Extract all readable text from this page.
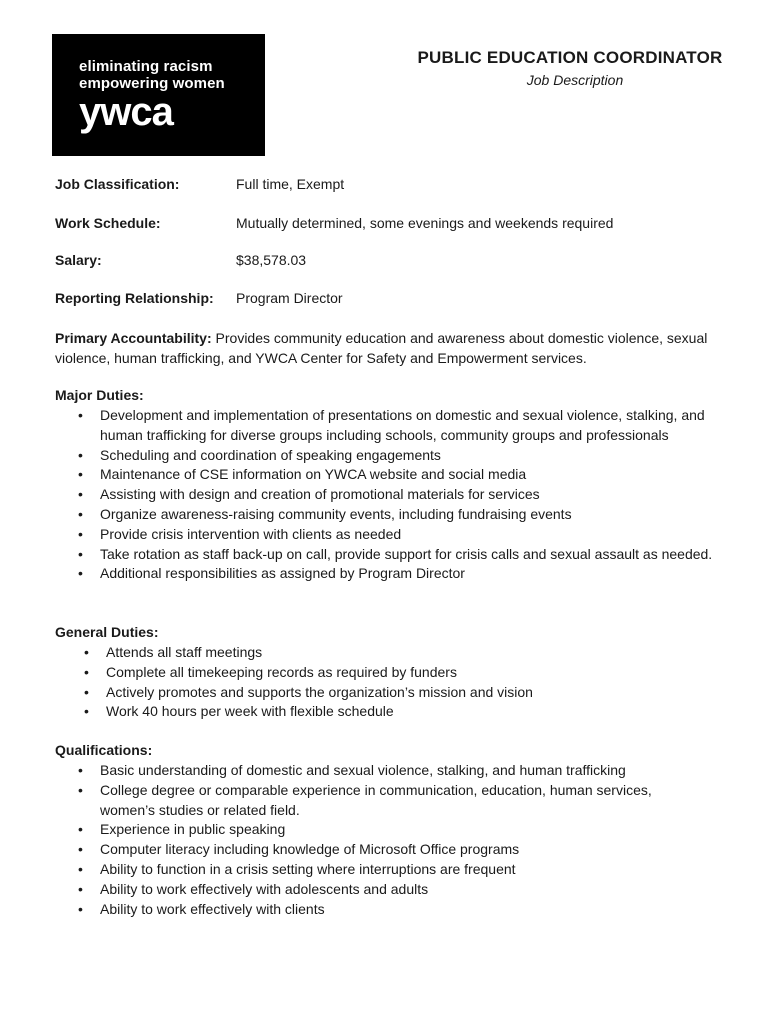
eliminating racism
empowering women
ywca
PUBLIC EDUCATION COORDINATOR
Job Description
Job Classification:	Full time, Exempt
Work Schedule:	Mutually determined, some evenings and weekends required
Salary:	$38,578.03
Reporting Relationship: Program Director

Primary Accountability: Provides community education and awareness about domestic violence, sexual violence, human trafficking, and YWCA Center for Safety and Empowerment services.

Major Duties:
• Development and implementation of presentations on domestic and sexual violence, stalking, and human trafficking for diverse groups including schools, community groups and professionals
• Scheduling and coordination of speaking engagements
• Maintenance of CSE information on YWCA website and social media
• Assisting with design and creation of promotional materials for services
• Organize awareness-raising community events, including fundraising events
• Provide crisis intervention with clients as needed
• Take rotation as staff back-up on call, provide support for crisis calls and sexual assault as needed.
• Additional responsibilities as assigned by Program Director
General Duties:
• Attends all staff meetings
• Complete all timekeeping records as required by funders
• Actively promotes and supports the organization’s mission and vision
• Work 40 hours per week with flexible schedule
Qualifications:
• Basic understanding of domestic and sexual violence, stalking, and human trafficking
• College degree or comparable experience in communication, education, human services, women’s studies or related field.
• Experience in public speaking
• Computer literacy including knowledge of Microsoft Office programs
• Ability to function in a crisis setting where interruptions are frequent
• Ability to work effectively with adolescents and adults
• Ability to work effectively with clients
